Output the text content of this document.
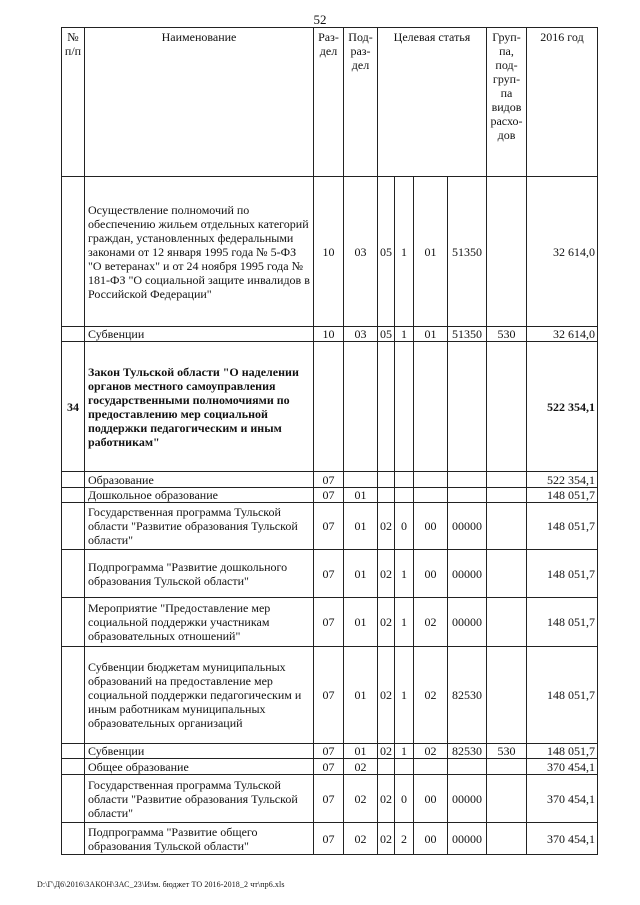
52
№ п/п	Наименование	Раз-дел	Под-раз-дел	Целевая статья				Груп-па, под-груп-па видов расхо-дов	2016 год
	Осуществление полномочий по обеспечению жильем отдельных категорий граждан, установленных федеральными законами от 12 января 1995 года № 5-ФЗ "О ветеранах" и от 24 ноября 1995 года № 181-ФЗ "О социальной защите инвалидов в Российской Федерации"	10	03	05	1	01	51350		32 614,0
	Субвенции	10	03	05	1	01	51350	530	32 614,0
34	Закон Тульской области "О наделении органов местного самоуправления государственными полномочиями по предоставлению мер социальной поддержки педагогическим и иным работникам"								522 354,1
	Образование	07							522 354,1
	Дошкольное образование	07	01						148 051,7
	Государственная программа Тульской области "Развитие образования Тульской области"	07	01	02	0	00	00000		148 051,7
	Подпрограмма "Развитие дошкольного образования Тульской области"	07	01	02	1	00	00000		148 051,7
	Мероприятие "Предоставление мер социальной поддержки участникам образовательных отношений"	07	01	02	1	02	00000		148 051,7
	Субвенции бюджетам муниципальных образований на предоставление мер социальной поддержки педагогическим и иным работникам муниципальных образовательных организаций	07	01	02	1	02	82530		148 051,7
	Субвенции	07	01	02	1	02	82530	530	148 051,7
	Общее образование	07	02						370 454,1
	Государственная программа Тульской области "Развитие образования Тульской области"	07	02	02	0	00	00000		370 454,1
	Подпрограмма "Развитие общего образования Тульской области"	07	02	02	2	00	00000		370 454,1
D:\Г\Д6\2016\ЗАКОН\ЗАС_23\Изм. бюджет ТО 2016-2018_2 чт\пр6.xls
